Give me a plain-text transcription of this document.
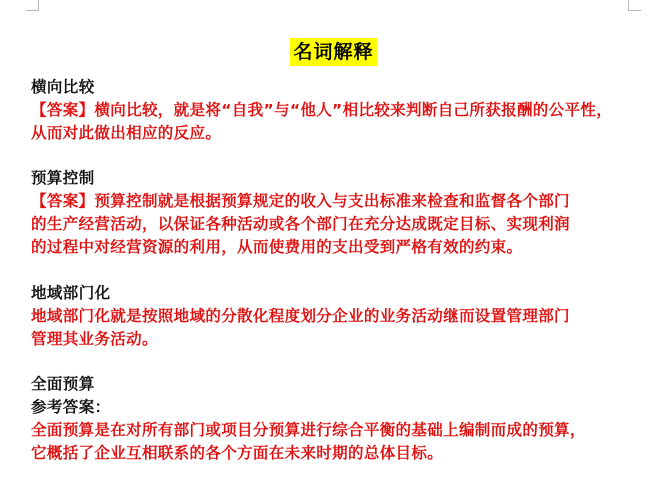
名词解释
横向比较
【答案】横向比较，就是将“自我”与“他人”相比较来判断自己所获报酬的公平性，
从而对此做出相应的反应。
预算控制
【答案】预算控制就是根据预算规定的收入与支出标准来检查和监督各个部门
的生产经营活动，以保证各种活动或各个部门在充分达成既定目标、实现利润
的过程中对经营资源的利用，从而使费用的支出受到严格有效的约束。
地域部门化
地域部门化就是按照地域的分散化程度划分企业的业务活动继而设置管理部门
管理其业务活动。
全面预算
参考答案：
全面预算是在对所有部门或项目分预算进行综合平衡的基础上编制而成的预算，
它概括了企业互相联系的各个方面在未来时期的总体目标。
